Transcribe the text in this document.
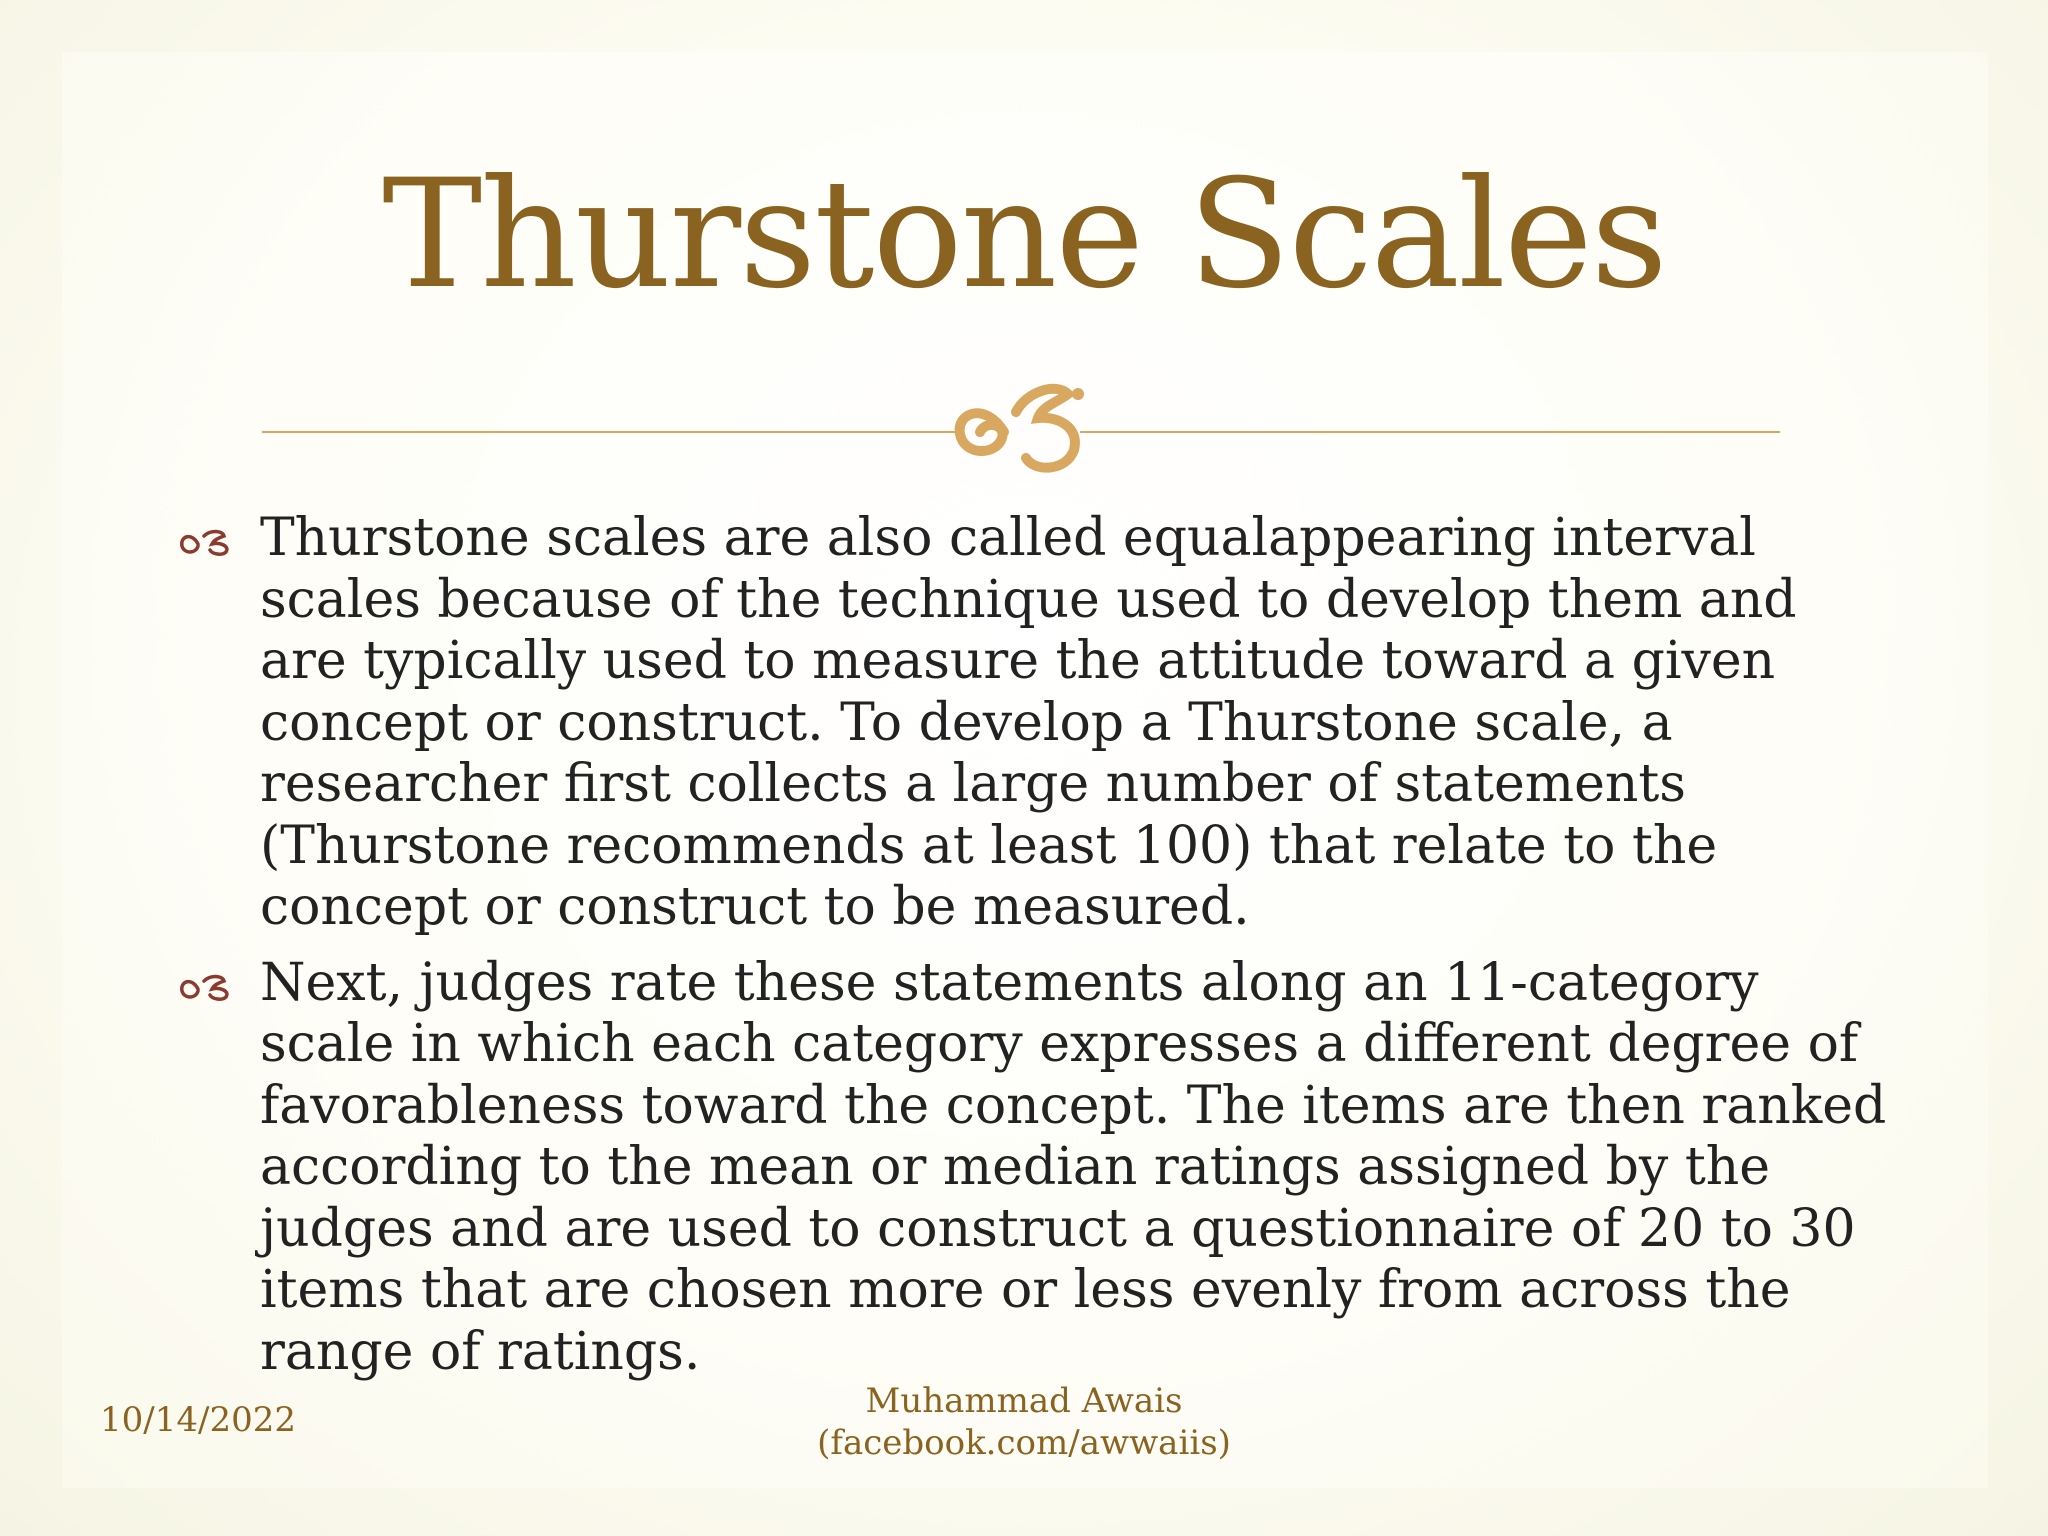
Thurstone Scales
Thurstone scales are also called equalappearing interval scales because of the technique used to develop them and are typically used to measure the attitude toward a given concept or construct. To develop a Thurstone scale, a researcher first collects a large number of statements (Thurstone recommends at least 100) that relate to the concept or construct to be measured.
Next, judges rate these statements along an 11-category scale in which each category expresses a different degree of favorableness toward the concept. The items are then ranked according to the mean or median ratings assigned by the judges and are used to construct a questionnaire of 20 to 30 items that are chosen more or less evenly from across the range of ratings.
10/14/2022	Muhammad Awais
(facebook.com/awwaiis)
